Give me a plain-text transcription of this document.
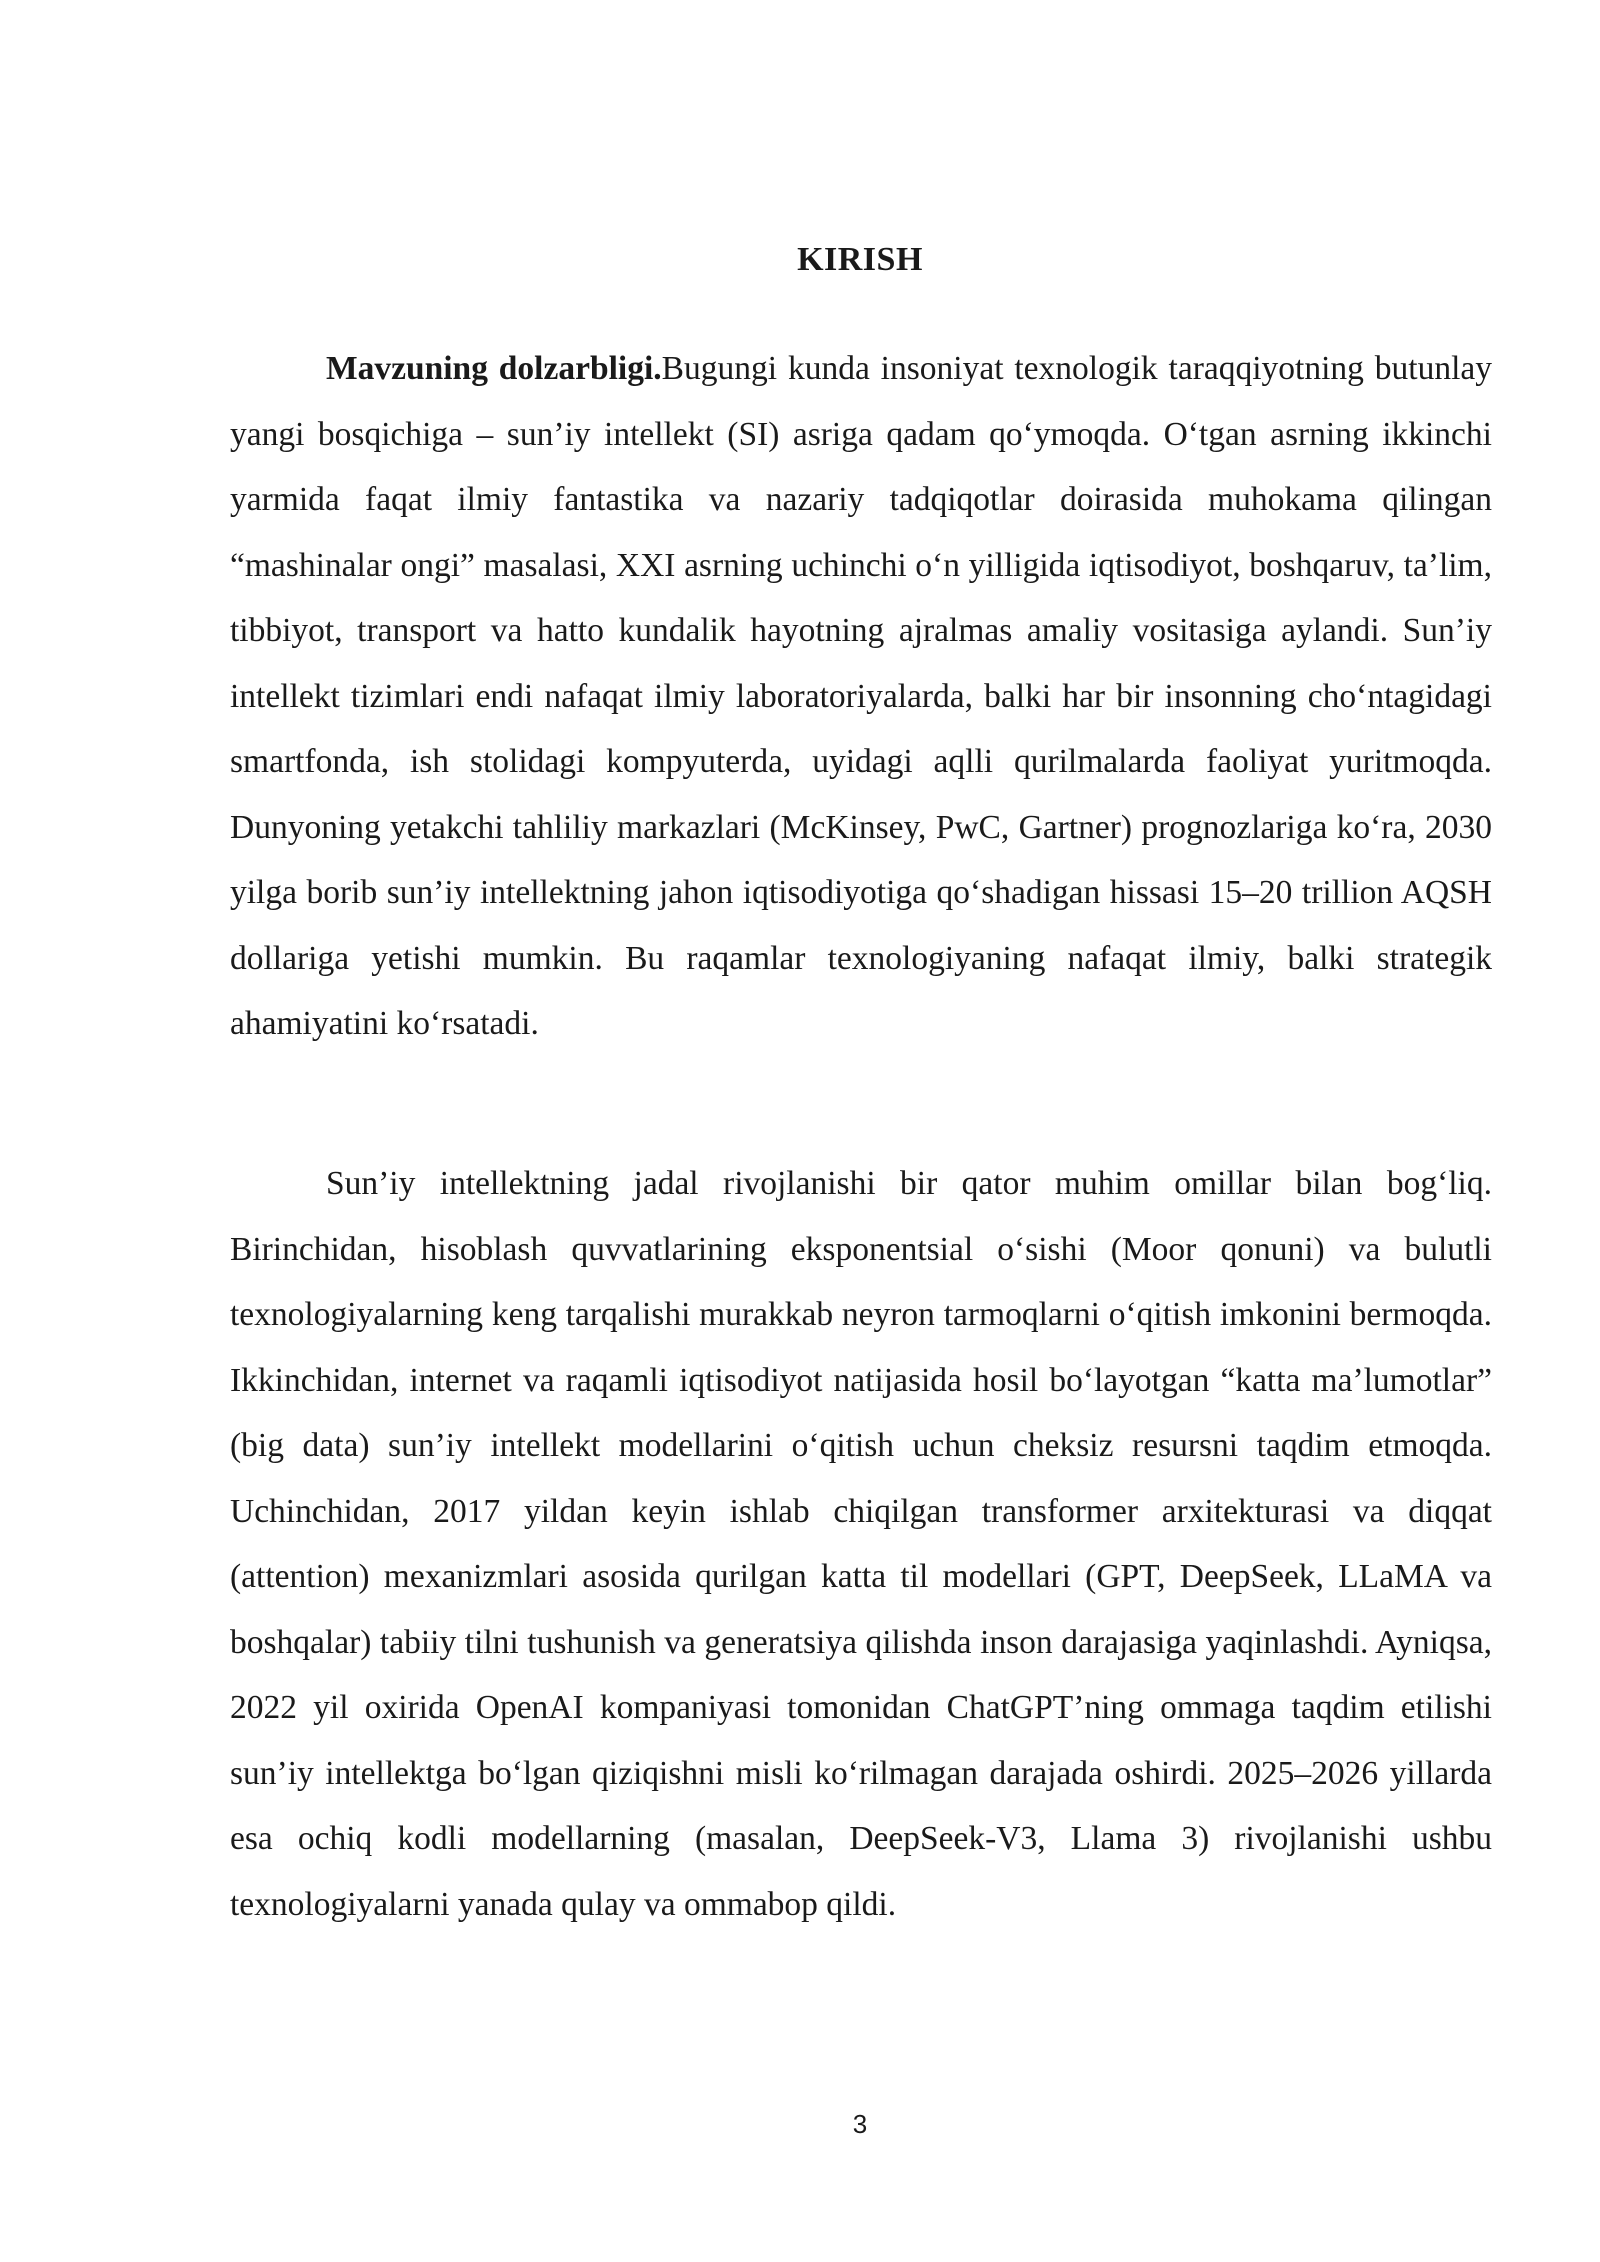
KIRISH

Mavzuning dolzarbligi.Bugungi kunda insoniyat texnologik taraqqiyotning butunlay yangi bosqichiga – sun’iy intellekt (SI) asriga qadam qo‘ymoqda. O‘tgan asrning ikkinchi yarmida faqat ilmiy fantastika va nazariy tadqiqotlar doirasida muhokama qilingan “mashinalar ongi” masalasi, XXI asrning uchinchi o‘n yilligida iqtisodiyot, boshqaruv, ta’lim, tibbiyot, transport va hatto kundalik hayotning ajralmas amaliy vositasiga aylandi. Sun’iy intellekt tizimlari endi nafaqat ilmiy laboratoriyalarda, balki har bir insonning cho‘ntagidagi smartfonda, ish stolidagi kompyuterda, uyidagi aqlli qurilmalarda faoliyat yuritmoqda. Dunyoning yetakchi tahliliy markazlari (McKinsey, PwC, Gartner) prognozlariga ko‘ra, 2030 yilga borib sun’iy intellektning jahon iqtisodiyotiga qo‘shadigan hissasi 15–20 trillion AQSH dollariga yetishi mumkin. Bu raqamlar texnologiyaning nafaqat ilmiy, balki strategik ahamiyatini ko‘rsatadi.

Sun’iy intellektning jadal rivojlanishi bir qator muhim omillar bilan bog‘liq. Birinchidan, hisoblash quvvatlarining eksponentsial o‘sishi (Moor qonuni) va bulutli texnologiyalarning keng tarqalishi murakkab neyron tarmoqlarni o‘qitish imkonini bermoqda. Ikkinchidan, internet va raqamli iqtisodiyot natijasida hosil bo‘layotgan “katta ma’lumotlar” (big data) sun’iy intellekt modellarini o‘qitish uchun cheksiz resursni taqdim etmoqda. Uchinchidan, 2017 yildan keyin ishlab chiqilgan transformer arxitekturasi va diqqat (attention) mexanizmlari asosida qurilgan katta til modellari (GPT, DeepSeek, LLaMA va boshqalar) tabiiy tilni tushunish va generatsiya qilishda inson darajasiga yaqinlashdi. Ayniqsa, 2022 yil oxirida OpenAI kompaniyasi tomonidan ChatGPT’ning ommaga taqdim etilishi sun’iy intellektga bo‘lgan qiziqishni misli ko‘rilmagan darajada oshirdi. 2025–2026 yillarda esa ochiq kodli modellarning (masalan, DeepSeek-V3, Llama 3) rivojlanishi ushbu texnologiyalarni yanada qulay va ommabop qildi.

3
